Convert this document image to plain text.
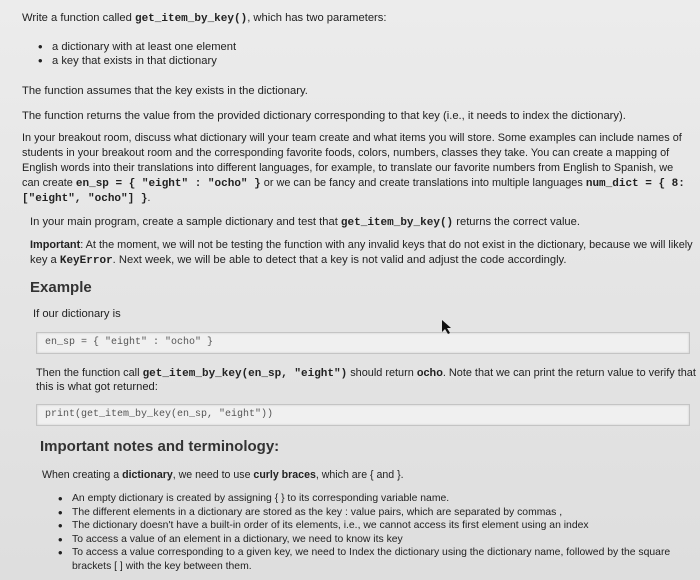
Write a function called get_item_by_key(), which has two parameters:

• a dictionary with at least one element
• a key that exists in that dictionary

The function assumes that the key exists in the dictionary.

The function returns the value from the provided dictionary corresponding to that key (i.e., it needs to index the dictionary).

In your breakout room, discuss what dictionary will your team create and what items you will store. Some examples can include names of

students in your breakout room and the corresponding favorite foods, colors, numbers, classes they take. You can create a mapping of

English words into their translations into different languages, for example, to translate our favorite numbers from English to Spanish, we

can create en_sp = { "eight" : "ocho" } or we can be fancy and create translations into multiple languages num_dict = { 8:

["eight", "ocho"] }.

In your main program, create a sample dictionary and test that get_item_by_key() returns the correct value.

Important: At the moment, we will not be testing the function with any invalid keys that do not exist in the dictionary, because we will likely

key a KeyError. Next week, we will be able to detect that a key is not valid and adjust the code accordingly.

Example

If our dictionary is

en_sp = { "eight" : "ocho" }

Then the function call get_item_by_key(en_sp, "eight") should return ocho. Note that we can print the return value to verify that

this is what got returned:

print(get_item_by_key(en_sp, "eight"))
Important notes and terminology:

When creating a dictionary, we need to use curly braces, which are { and }.

• An empty dictionary is created by assigning { } to its corresponding variable name.
• The different elements in a dictionary are stored as the key : value pairs, which are separated by commas ,
• The dictionary doesn't have a built-in order of its elements, i.e., we cannot access its first element using an index
• To access a value of an element in a dictionary, we need to know its key
• To access a value corresponding to a given key, we need to Index the dictionary using the dictionary name, followed by the square
brackets [ ] with the key between them.
